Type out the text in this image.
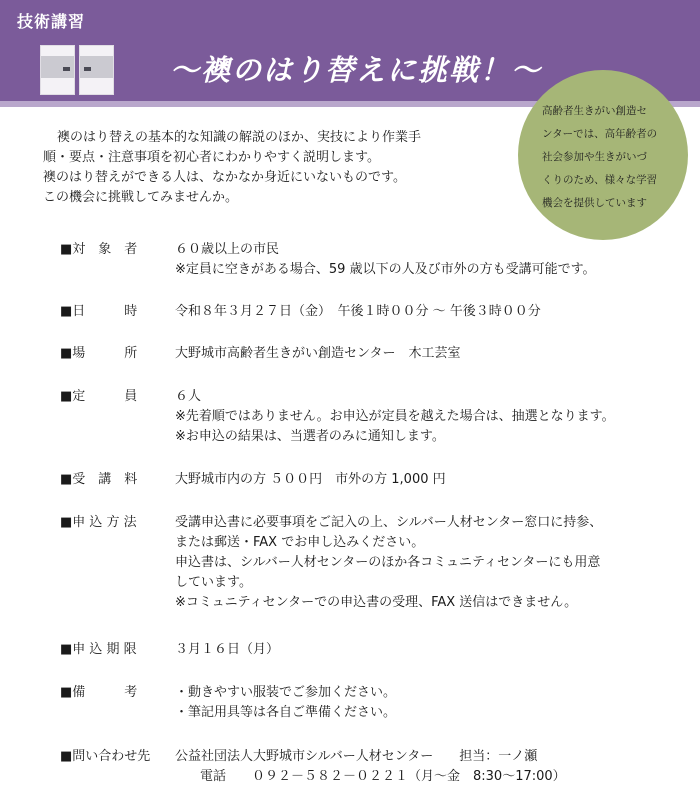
技術講習
～襖のはり替えに挑戦！～
高齢者生きがい創造セ
ンターでは、高年齢者の
社会参加や生きがいづ
くりのため、様々な学習
機会を提供しています
襖のはり替えの基本的な知識の解説のほか、実技により作業手
順・要点・注意事項を初心者にわかりやすく説明します。
襖のはり替えができる人は、なかなか身近にいないものです。
この機会に挑戦してみませんか。
■対　象　者	６０歳以上の市民
※定員に空きがある場合、59 歳以下の人及び市外の方も受講可能です。
■日　　　時	令和８年３月２７日（金）　午後１時００分 ～ 午後３時００分
■場　　　所	大野城市高齢者生きがい創造センター　木工芸室
■定　　　員	６人
※先着順ではありません。お申込が定員を越えた場合は、抽選となります。
※お申込の結果は、当選者のみに通知します。
■受　講　料	大野城市内の方 ５００円　市外の方 1,000 円
■申 込 方 法	受講申込書に必要事項をご記入の上、シルバー人材センター窓口に持参、
または郵送・FAX でお申し込みください。
申込書は、シルバー人材センターのほか各コミュニティセンターにも用意
しています。
※コミュニティセンターでの申込書の受理、FAX 送信はできません。
■申 込 期 限	３月１６日（月）
■備　　　考	・動きやすい服装でご参加ください。
・筆記用具等は各自ご準備ください。
■問い合わせ先	公益社団法人大野城市シルバー人材センター　　担当：一ノ瀬
電話　　０９２－５８２－０２２１（月～金　8:30～17:00）
